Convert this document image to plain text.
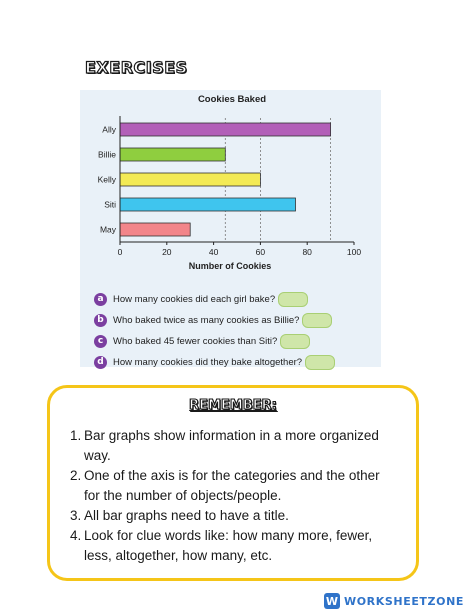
EXERCISES
Cookies Baked
Number of Cookies
Ally
Billie
Kelly
Siti
May
0	20	40	60	80	100
a How many cookies did each girl bake?
b Who baked twice as many cookies as Billie?
c	Who baked 45 fewer cookies than Siti?
d How many cookies did they bake altogether?
REMEMBER:
1. Bar graphs show information in a more organized way.
2. One of the axis is for the categories and the other for the number of objects/people.
3. All bar graphs need to have a title.
4. Look for clue words like: how many more, fewer, less, altogether, how many, etc.
W WORKSHEETZONE
